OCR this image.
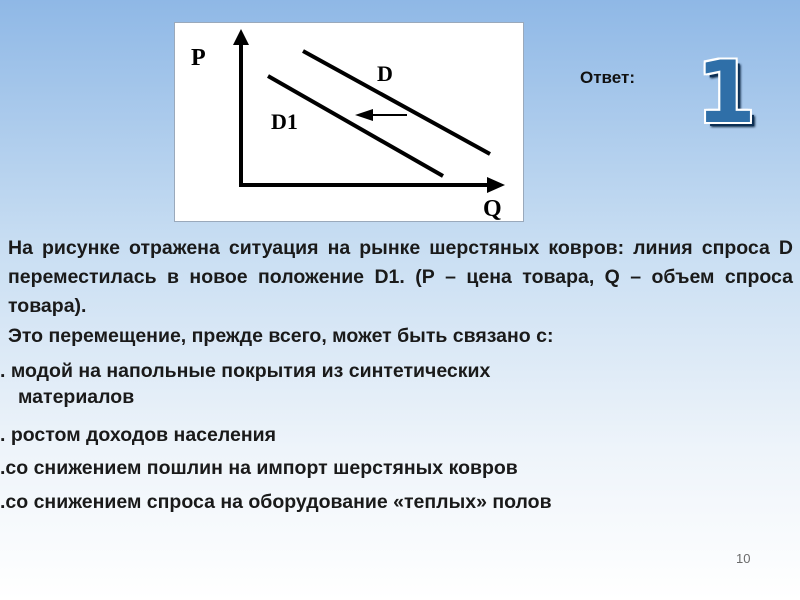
P
Q
D
D1
Ответ: 1

На рисунке отражена ситуация на рынке шерстяных ковров: линия спроса D переместилась в новое положение D1. (Р – цена товара, Q – объем спроса товара).

Это перемещение, прежде всего, может быть связано с:
. модой на напольные покрытия из синтетических
материалов
. ростом доходов населения
.со снижением пошлин на импорт шерстяных ковров
.со снижением спроса на оборудование «теплых» полов
10
